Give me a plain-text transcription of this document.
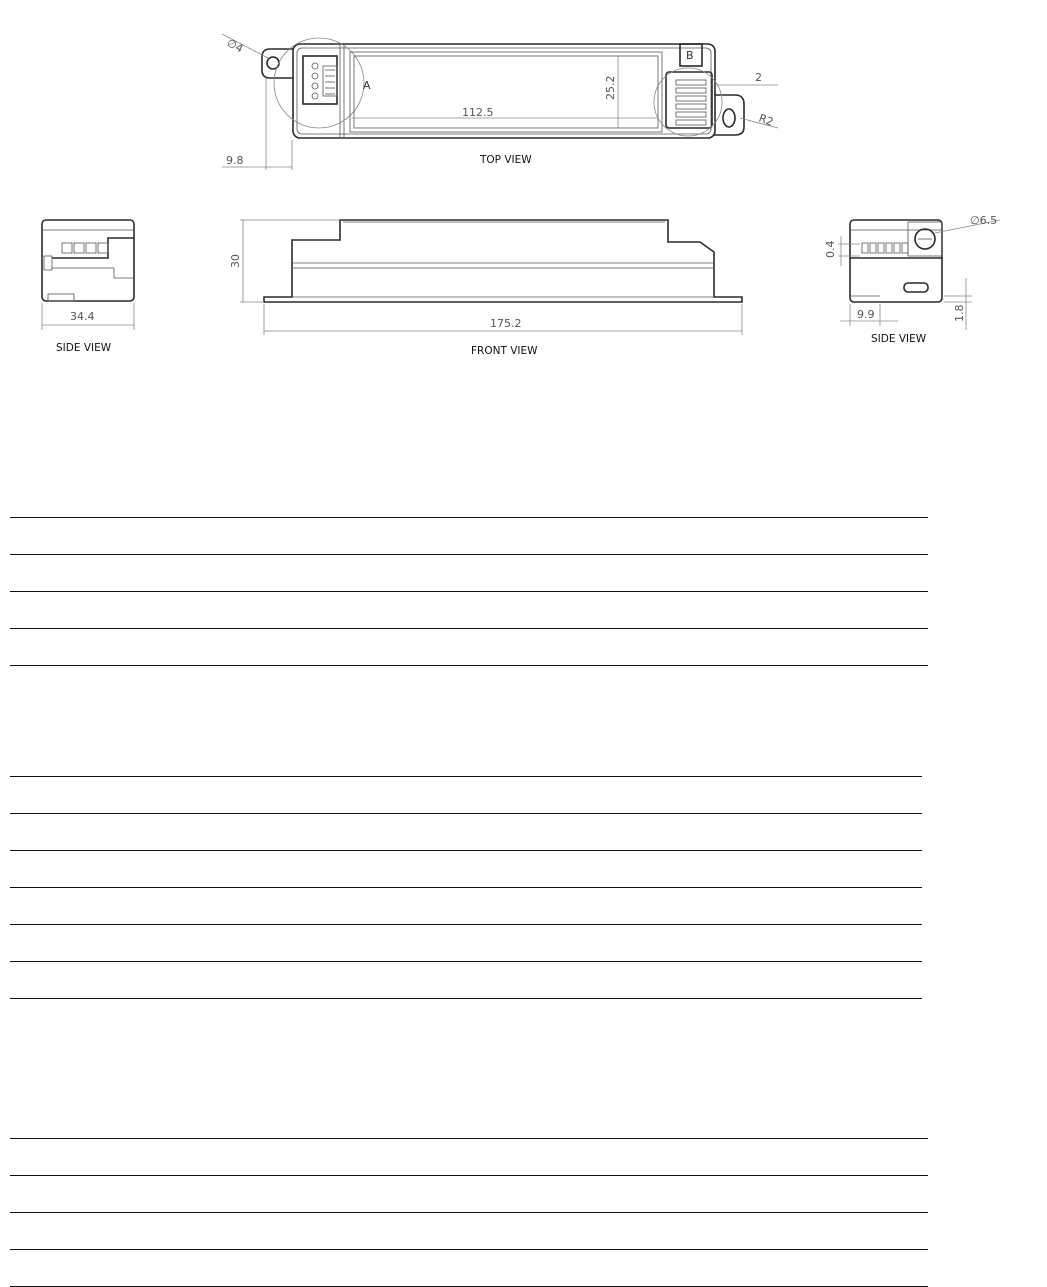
A
B
∅4
112.5
25.2
9.8
2
R2
TOP VIEW
34.4
SIDE VIEW
30
175.2
FRONT VIEW
∅6.5
0.4
9.9	1.8
SIDE VIEW
